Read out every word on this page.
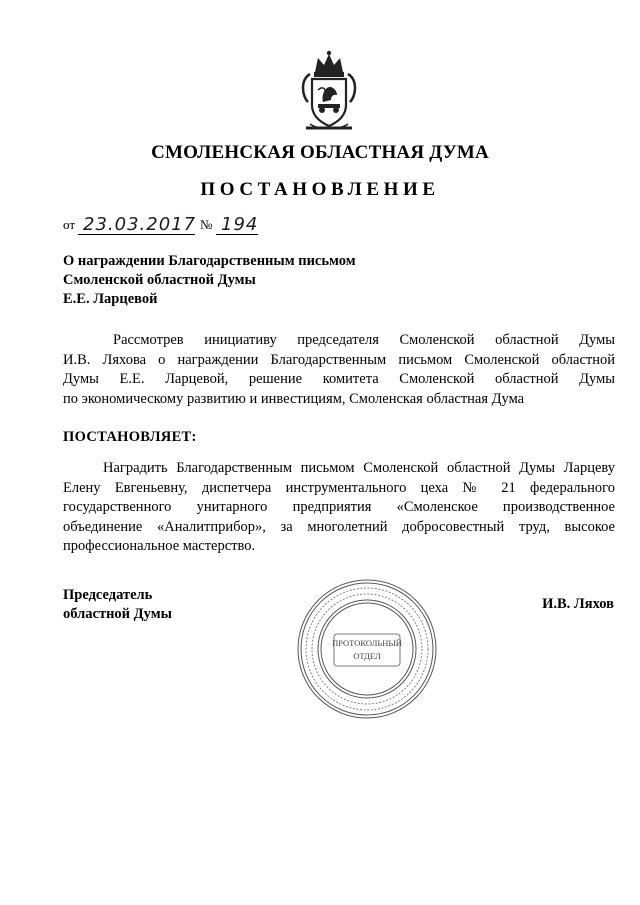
СМОЛЕНСКАЯ ОБЛАСТНАЯ ДУМА
ПОСТАНОВЛЕНИЕ
от 23.03.2017 № 194
О награждении Благодарственным письмом
Смоленской областной Думы
Е.Е. Ларцевой
Рассмотрев инициативу председателя Смоленской областной Думы
И.В. Ляхова о награждении Благодарственным письмом Смоленской областной
Думы Е.Е. Ларцевой, решение комитета Смоленской областной Думы
по экономическому развитию и инвестициям, Смоленская областная Дума
ПОСТАНОВЛЯЕТ:
Наградить Благодарственным письмом Смоленской областной Думы Ларцеву
Елену Евгеньевну, диспетчера инструментального цеха № 21 федерального
государственного унитарного предприятия «Смоленское производственное
объединение «Аналитприбор», за многолетний добросовестный труд, высокое
профессиональное мастерство.
Председатель
областной Думы
И.В. Ляхов
ПРОТОКОЛЬНЫЙ
ОТДЕЛ
